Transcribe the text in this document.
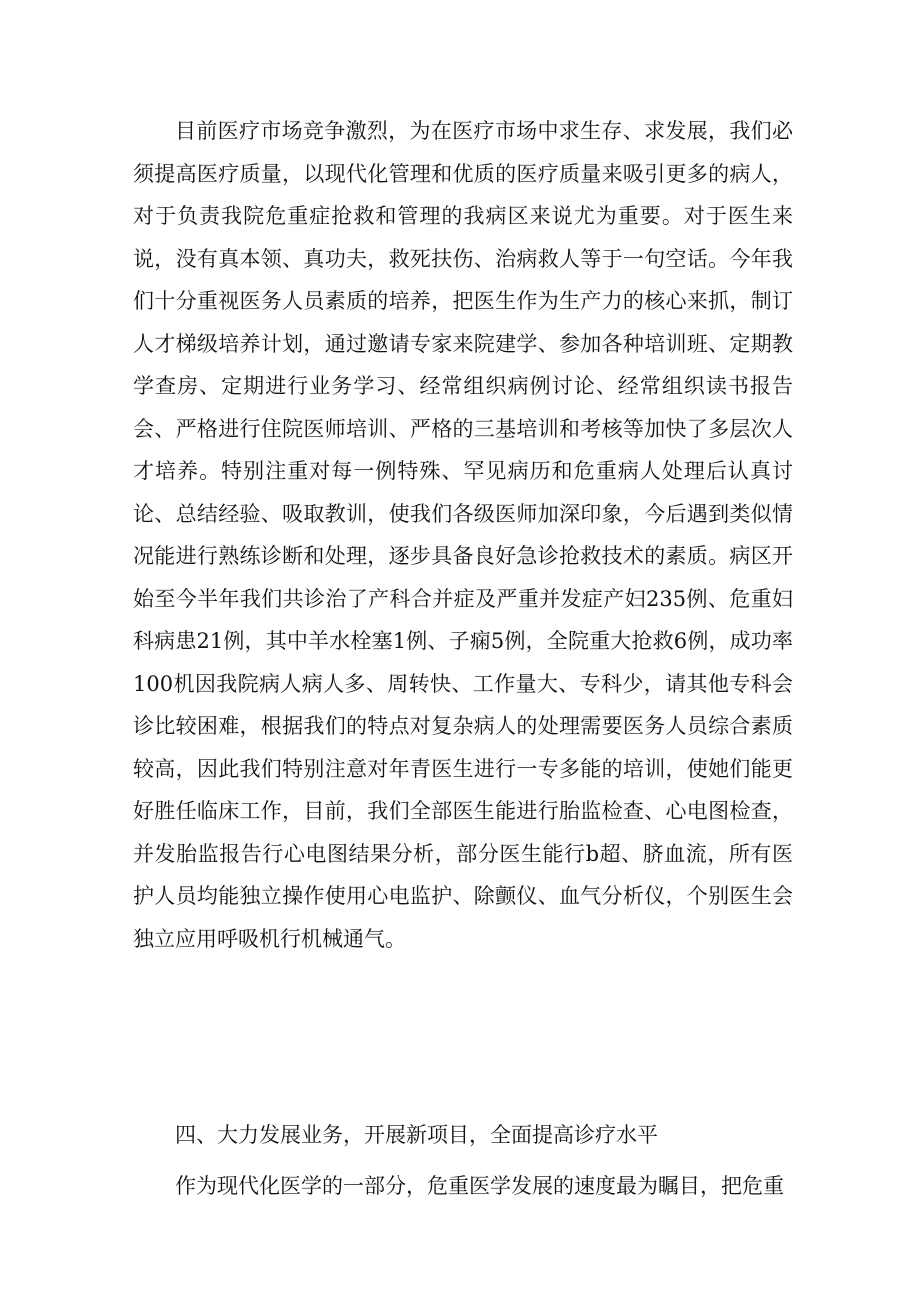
目前医疗市场竞争激烈，为在医疗市场中求生存、求发展，我们必须提高医疗质量，以现代化管理和优质的医疗质量来吸引更多的病人，对于负责我院危重症抢救和管理的我病区来说尤为重要。对于医生来说，没有真本领、真功夫，救死扶伤、治病救人等于一句空话。今年我们十分重视医务人员素质的培养，把医生作为生产力的核心来抓，制订人才梯级培养计划，通过邀请专家来院建学、参加各种培训班、定期教学查房、定期进行业务学习、经常组织病例讨论、经常组织读书报告会、严格进行住院医师培训、严格的三基培训和考核等加快了多层次人才培养。特别注重对每一例特殊、罕见病历和危重病人处理后认真讨论、总结经验、吸取教训，使我们各级医师加深印象，今后遇到类似情况能进行熟练诊断和处理，逐步具备良好急诊抢救技术的素质。病区开始至今半年我们共诊治了产科合并症及严重并发症产妇235例、危重妇科病患21例，其中羊水栓塞1例、子痫5例，全院重大抢救6例，成功率100机因我院病人病人多、周转快、工作量大、专科少，请其他专科会诊比较困难，根据我们的特点对复杂病人的处理需要医务人员综合素质较高，因此我们特别注意对年青医生进行一专多能的培训，使她们能更好胜任临床工作，目前，我们全部医生能进行胎监检查、心电图检查，并发胎监报告行心电图结果分析，部分医生能行b超、脐血流，所有医护人员均能独立操作使用心电监护、除颤仪、血气分析仪，个别医生会独立应用呼吸机行机械通气。

四、大力发展业务，开展新项目，全面提高诊疗水平

作为现代化医学的一部分，危重医学发展的速度最为瞩目，把危重
